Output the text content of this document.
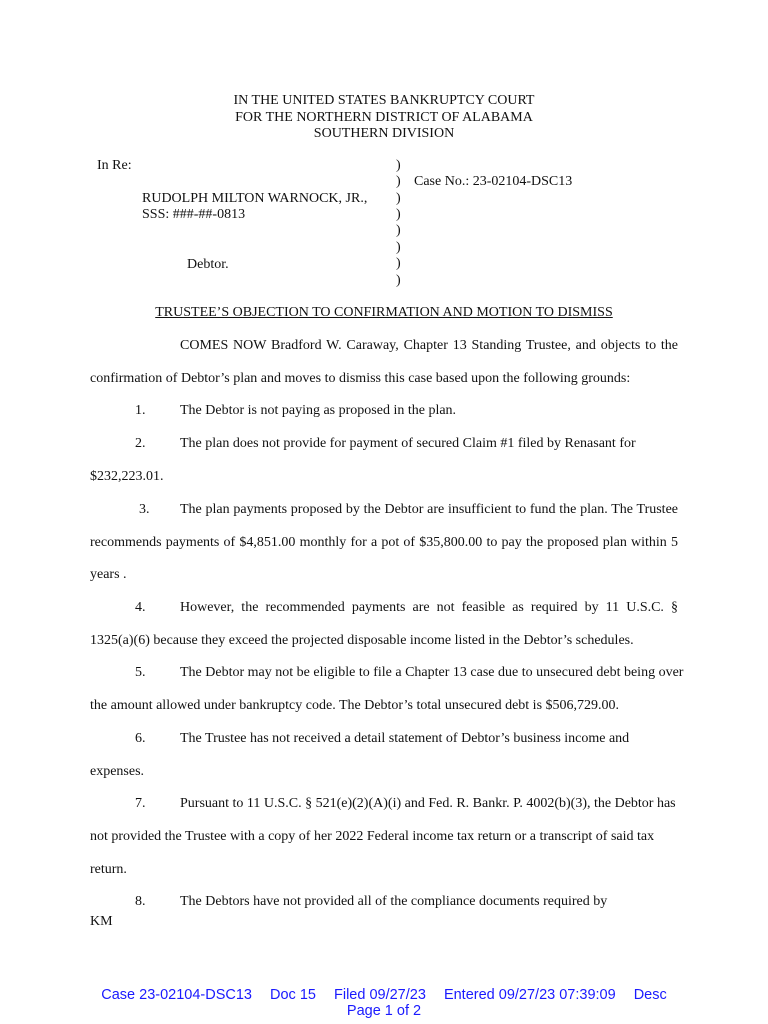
IN THE UNITED STATES BANKRUPTCY COURT
FOR THE NORTHERN DISTRICT OF ALABAMA
SOUTHERN DIVISION
In Re:
RUDOLPH MILTON WARNOCK, JR.,
SSS: ###-##-0813
Debtor.
)
)
)
)
)
)
)
)
Case No.: 23-02104-DSC13
TRUSTEE’S OBJECTION TO CONFIRMATION AND MOTION TO DISMISS
COMES NOW Bradford W. Caraway, Chapter 13 Standing Trustee, and objects to the
confirmation of Debtor’s plan and moves to dismiss this case based upon the following grounds:
1. The Debtor is not paying as proposed in the plan.
2. The plan does not provide for payment of secured Claim #1 filed by Renasant for
$232,223.01.
3. The plan payments proposed by the Debtor are insufficient to fund the plan. The Trustee
recommends payments of $4,851.00 monthly for a pot of $35,800.00 to pay the proposed plan within 5
years .
4. However, the recommended payments are not feasible as required by 11 U.S.C. §
1325(a)(6) because they exceed the projected disposable income listed in the Debtor’s schedules.
5. The Debtor may not be eligible to file a Chapter 13 case due to unsecured debt being over
the amount allowed under bankruptcy code. The Debtor’s total unsecured debt is $506,729.00.
6. The Trustee has not received a detail statement of Debtor’s business income and
expenses.
7. Pursuant to 11 U.S.C. § 521(e)(2)(A)(i) and Fed. R. Bankr. P. 4002(b)(3), the Debtor has
not provided the Trustee with a copy of her 2022 Federal income tax return or a transcript of said tax
return.
8. The Debtors have not provided all of the compliance documents required by
KM
Case 23-02104-DSC13 Doc 15 Filed 09/27/23 Entered 09/27/23 07:39:09 Desc
Page 1 of 2
